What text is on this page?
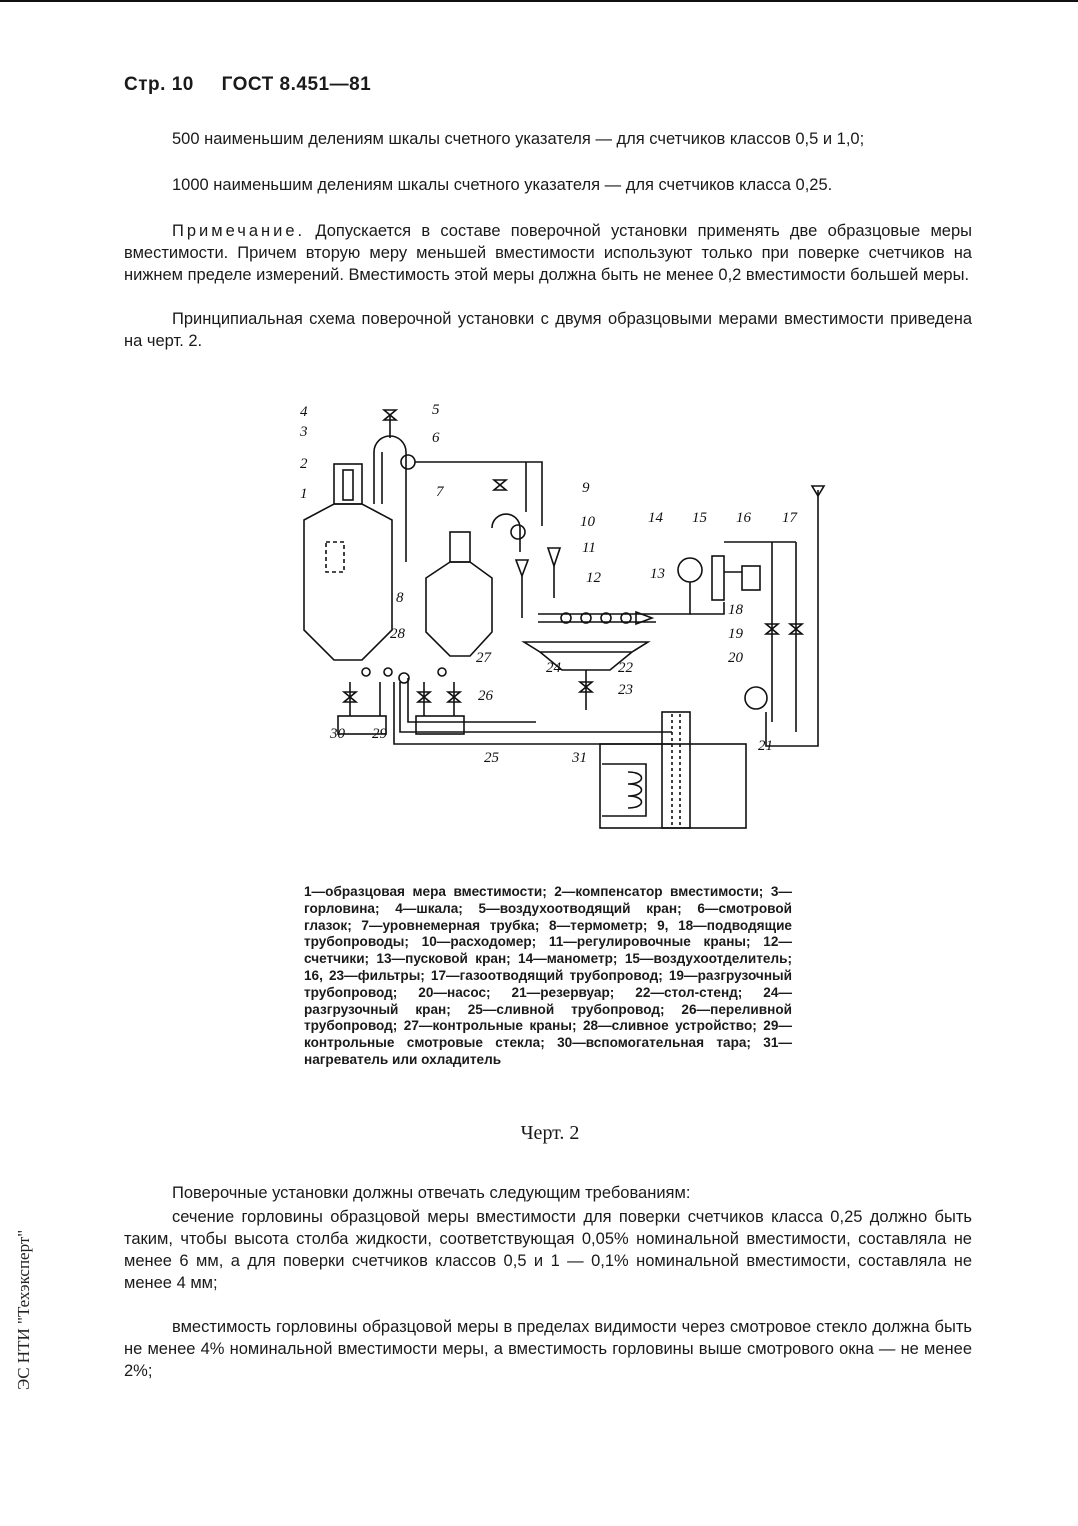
Стр. 10 ГОСТ 8.451—81
500 наименьшим делениям шкалы счетного указателя — для счетчиков классов 0,5 и 1,0;
1000 наименьшим делениям шкалы счетного указателя — для счетчиков класса 0,25.
Примечание. Допускается в составе поверочной установки применять две образцовые меры вместимости. Причем вторую меру меньшей вместимости используют только при поверке счетчиков на нижнем пределе измерений. Вместимость этой меры должна быть не менее 0,2 вместимости большей меры.
Принципиальная схема поверочной установки с двумя образцовыми мерами вместимости приведена на черт. 2.
4
3
2
1
5
6
7
8
9
10
11
12	13
14 15 16 17
18
19
20
21
22
23
24
25
26
27
28
29
30
31
1—образцовая мера вместимости; 2—компенсатор вместимости; 3—горловина; 4—шкала; 5—воздухоотводящий кран; 6—смотровой глазок; 7—уровнемерная трубка; 8—термометр; 9, 18—подводящие трубопроводы; 10—расходомер; 11—регулировочные краны; 12—счетчики; 13—пусковой кран; 14—манометр; 15—воздухоотделитель; 16, 23—фильтры; 17—газоотводящий трубопровод; 19—разгрузочный трубопровод; 20—насос; 21—резервуар; 22—стол-стенд; 24—разгрузочный кран; 25—сливной трубопровод; 26—переливной трубопровод; 27—контрольные краны; 28—сливное устройство; 29—контрольные смотровые стекла; 30—вспомогательная тара; 31—нагреватель или охладитель
Черт. 2
Поверочные установки должны отвечать следующим требованиям:
сечение горловины образцовой меры вместимости для поверки счетчиков класса 0,25 должно быть таким, чтобы высота столба жидкости, соответствующая 0,05% номинальной вместимости, составляла не менее 6 мм, а для поверки счетчиков классов 0,5 и 1 — 0,1% номинальной вместимости, составляла не менее 4 мм;
вместимость горловины образцовой меры в пределах видимости через смотровое стекло должна быть не менее 4% номинальной вместимости меры, а вместимость горловины выше смотрового окна — не менее 2%;
ЭС НТИ "Техэксперт"
